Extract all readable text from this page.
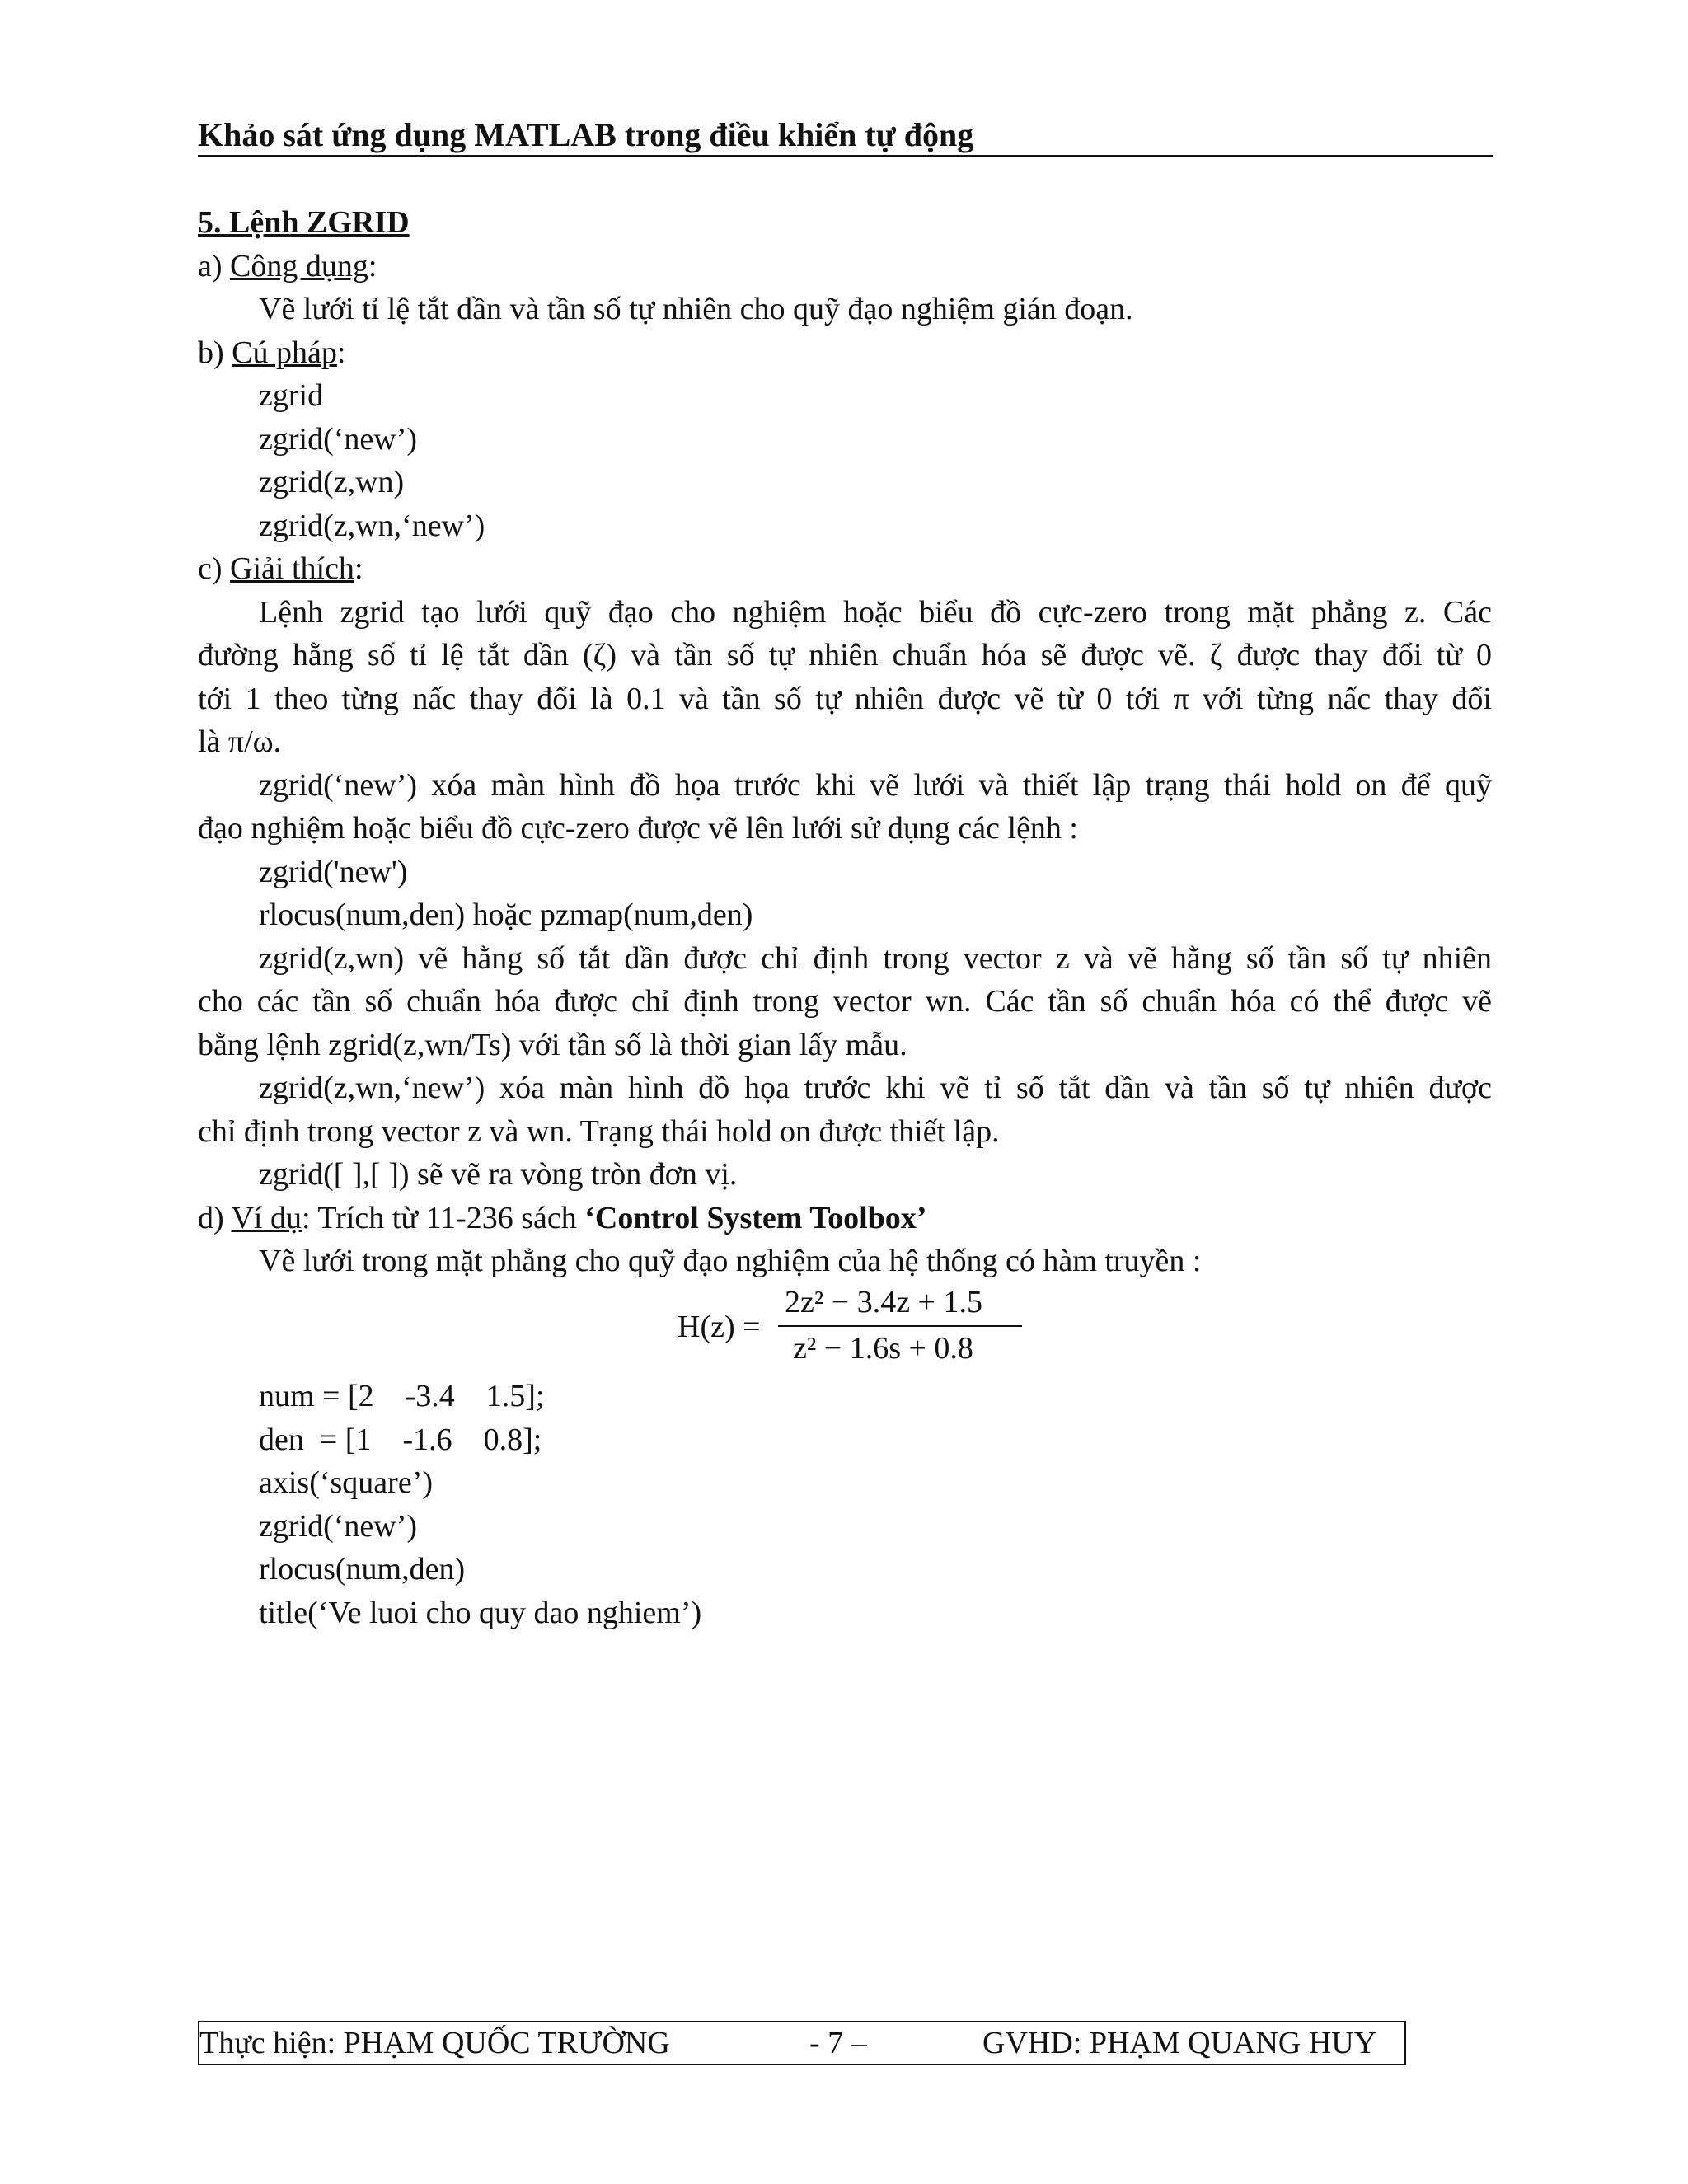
Khảo sát ứng dụng MATLAB trong điều khiển tự động
5. Lệnh ZGRID
a) Công dụng:
Vẽ lưới tỉ lệ tắt dần và tần số tự nhiên cho quỹ đạo nghiệm gián đoạn.
b) Cú pháp:
zgrid
zgrid(‘new’)
zgrid(z,wn)
zgrid(z,wn,‘new’)
c) Giải thích:
Lệnh zgrid tạo lưới quỹ đạo cho nghiệm hoặc biểu đồ cực-zero trong mặt phẳng z. Các
đường hằng số tỉ lệ tắt dần (ζ) và tần số tự nhiên chuẩn hóa sẽ được vẽ. ζ được thay đổi từ 0
tới 1 theo từng nấc thay đổi là 0.1 và tần số tự nhiên được vẽ từ 0 tới π với từng nấc thay đổi
là π/ω.
zgrid(‘new’) xóa màn hình đồ họa trước khi vẽ lưới và thiết lập trạng thái hold on để quỹ
đạo nghiệm hoặc biểu đồ cực-zero được vẽ lên lưới sử dụng các lệnh :
zgrid('new')
rlocus(num,den) hoặc pzmap(num,den)
zgrid(z,wn) vẽ hằng số tắt dần được chỉ định trong vector z và vẽ hằng số tần số tự nhiên
cho các tần số chuẩn hóa được chỉ định trong vector wn. Các tần số chuẩn hóa có thể được vẽ
bằng lệnh zgrid(z,wn/Ts) với tần số là thời gian lấy mẫu.
zgrid(z,wn,‘new’) xóa màn hình đồ họa trước khi vẽ tỉ số tắt dần và tần số tự nhiên được
chỉ định trong vector z và wn. Trạng thái hold on được thiết lập.
zgrid([ ],[ ]) sẽ vẽ ra vòng tròn đơn vị.
d) Ví dụ: Trích từ 11-236 sách ‘Control System Toolbox’
Vẽ lưới trong mặt phẳng cho quỹ đạo nghiệm của hệ thống có hàm truyền :
H(z) =
2z² − 3.4z + 1.5
z² − 1.6s + 0.8
num = [2    -3.4    1.5];
den  = [1    -1.6    0.8];
axis(‘square’)
zgrid(‘new’)
rlocus(num,den)
title(‘Ve luoi cho quy dao nghiem’)
Thực hiện: PHẠM QUỐC TRƯỜNG	- 7 –	GVHD: PHẠM QUANG HUY
